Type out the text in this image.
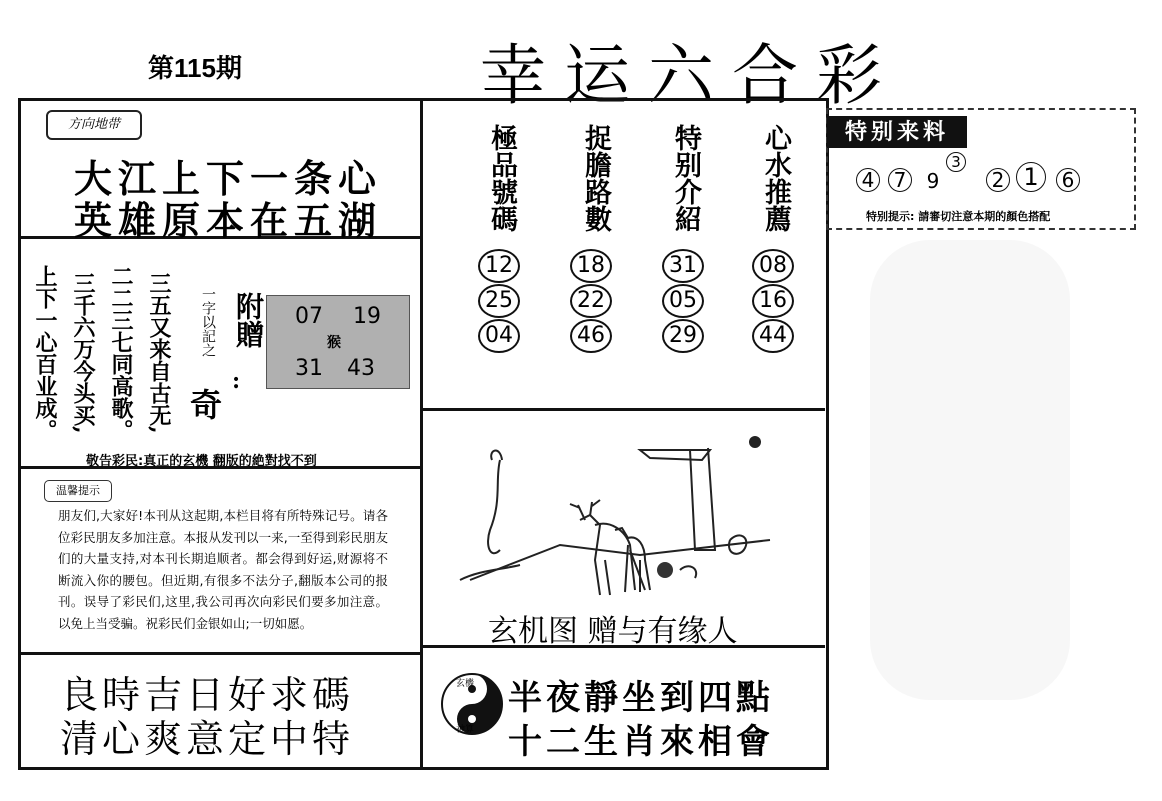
第115期	幸运六合彩
方向地带
大江上下一条心
英雄原本在五湖
上下一心百业成。 三千六万今头买, 二二三七同高歌。 三五又来自古无, 一字以記之 附贈
:
奇
07 19
猴
31 43
敬告彩民:真正的玄機 翻版的絶對找不到
温馨提示
朋友们,大家好!本刊从这起期,本栏目将有所特殊记号。请各位彩民朋友多加注意。本报从发刊以一来,一至得到彩民朋友们的大量支持,对本刊长期追顺者。都会得到好运,财源将不断流入你的腰包。但近期,有很多不法分子,翻版本公司的报刊。误导了彩民们,这里,我公司再次向彩民们要多加注意。以免上当受骗。祝彩民们金银如山;一切如愿。
良時吉日好求碼
清心爽意定中特
極品號碼 捉膽路數 特别介紹 心水推薦
12
25
04
18
22
46
31
05
29
08
16
44
玄机图 赠与有缘人
玄機
神算
半夜靜坐到四點
十二生肖來相會
特别来料
4 7 9
3
2 1	6
特别提示: 請審切注意本期的顏色搭配
